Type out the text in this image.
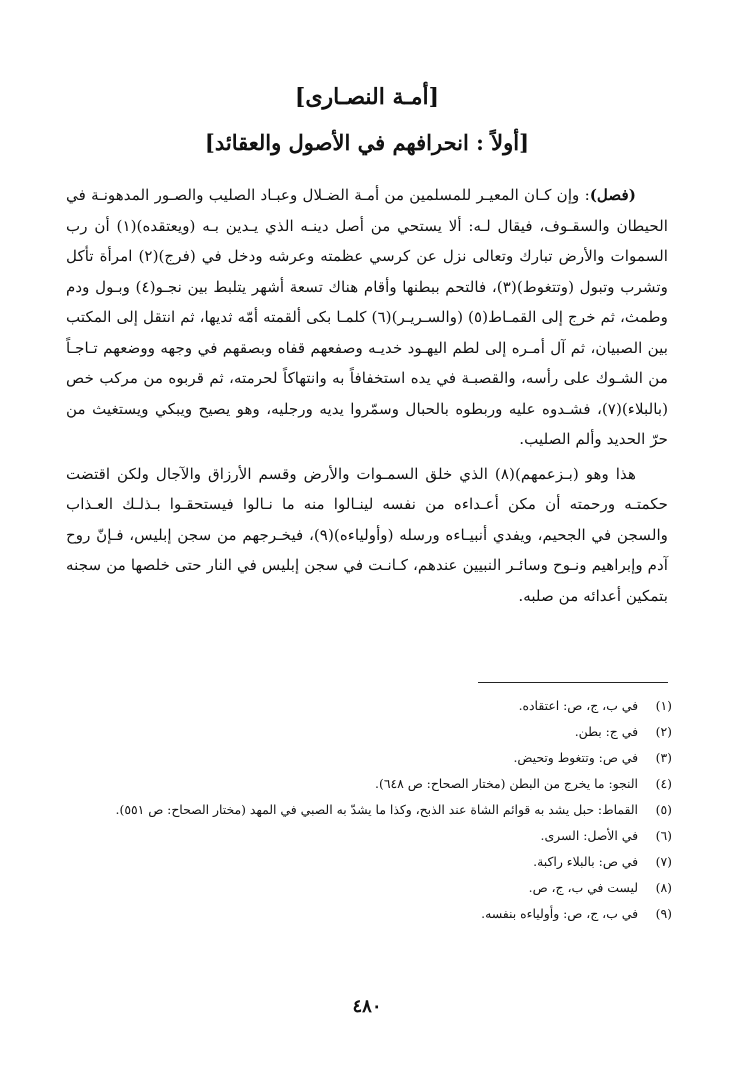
[أمـة النصـارى]
[أولاً : انحرافهم في الأصول والعقائد]

(فصل): وإن كـان المعيـر للمسلمين من أمـة الضـلال وعبـاد الصليب والصـور المدهونـة في الحيطان والسقـوف، فيقال لـه: ألا يستحي من أصل دينـه الذي يـدين بـه (ويعتقده)(١) أن رب السموات والأرض تبارك وتعالى نزل عن كرسي عظمته وعرشه ودخل في (فرج)(٢) امرأة تأكل وتشرب وتبول (وتتغوط)(٣)، فالتحم ببطنها وأقام هناك تسعة أشهر يتلبط بين نجـو(٤) وبـول ودم وطمث، ثم خرج إلى القمـاط(٥) (والسـريـر)(٦) كلمـا بكى ألقمته أمّه ثديها، ثم انتقل إلى المكتب بين الصبيان، ثم آل أمـره إلى لطم اليهـود خديـه وصفعهم قفاه وبصقهم في وجهه ووضعهم تـاجـاً من الشـوك على رأسه، والقصبـة في يده استخفافاً به وانتهاكاً لحرمته، ثم قربوه من مركب خص (بالبلاء)(٧)، فشـدوه عليه وربطوه بالحبال وسمّروا يديه ورجليه، وهو يصيح ويبكي ويستغيث من حرّ الحديد وألم الصليب.

هذا وهو (بـزعمهم)(٨) الذي خلق السمـوات والأرض وقسم الأرزاق والآجال ولكن اقتضت حكمتـه ورحمته أن مكن أعـداءه من نفسه لينـالوا منه ما نـالوا فيستحقـوا بـذلـك العـذاب والسجن في الجحيم، ويفدي أنبيـاءه ورسله (وأولياءه)(٩)، فيخـرجهم من سجن إبليس، فـإنّ روح آدم وإبراهيم ونـوح وسائـر النبيين عندهم، كـانـت في سجن إبليس في النار حتى خلصها من سجنه بتمكين أعدائه من صلبه.

(١)
في ب، ج، ص: اعتقاده.
(٢)
في ج: بطن.
(٣)
في ص: وتتغوط وتحيض.
(٤)
النجو: ما يخرج من البطن (مختار الصحاح: ص ٦٤٨).
(٥)
القماط: حبل يشد به قوائم الشاة عند الذبح، وكذا ما يشدّ به الصبي في المهد (مختار الصحاح: ص ٥٥١).
(٦)
في الأصل: السرى.
(٧)
في ص: بالبلاء راكبة.
(٨)
ليست في ب، ج، ص.
(٩)
في ب، ج، ص: وأولياءه بنفسه.
٤٨٠
